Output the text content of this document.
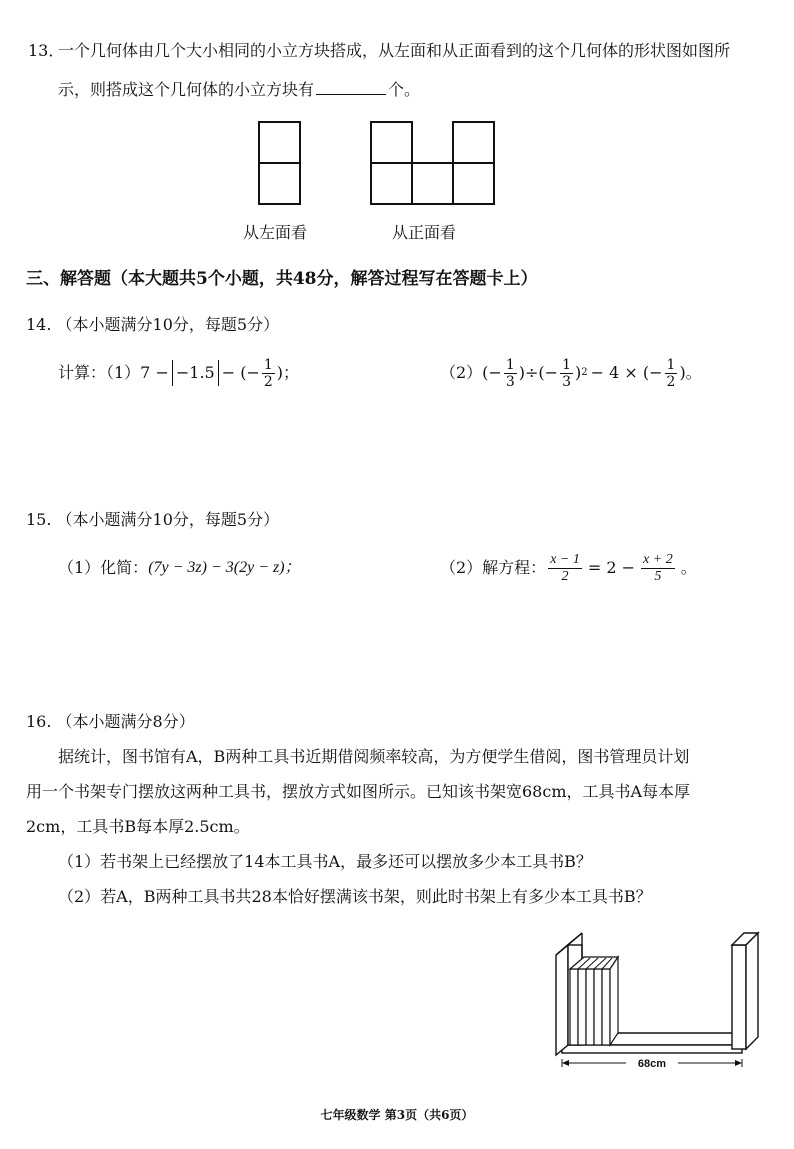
13．
一个几何体由几个大小相同的小立方块搭成，从左面和从正面看到的这个几何体的形状图如图所
示，则搭成这个几何体的小立方块有	个。
从左面看	从正面看
三、解答题（本大题共5个小题，共48分，解答过程写在答题卡上）
14. （本小题满分10分，每题5分）
计算：（1）7 − −1.5 − (− $\frac{1}{2}$ )；	$(2)(- \frac{1}{3}$ )÷(− $\frac{1}{3}$ ) 2 − 4 × (− $\frac{1}{2}$ )。
15. （本小题满分10分，每题5分）
（1）化简： (7y − 3z) − 3(2y − z)；	（2）解方程： $\frac{x - 1}{2} = 2 - \frac{x + 2}{5}$ 。
16. （本小题满分8分）
据统计，图书馆有A，B两种工具书近期借阅频率较高，为方便学生借阅，图书管理员计划
用一个书架专门摆放这两种工具书，摆放方式如图所示。已知该书架宽68cm，工具书A每本厚
2cm，工具书B每本厚2.5cm。
（1）若书架上已经摆放了14本工具书A，最多还可以摆放多少本工具书B？
（2）若A，B两种工具书共28本恰好摆满该书架，则此时书架上有多少本工具书B？
68cm
七年级数学 第3页（共6页）
